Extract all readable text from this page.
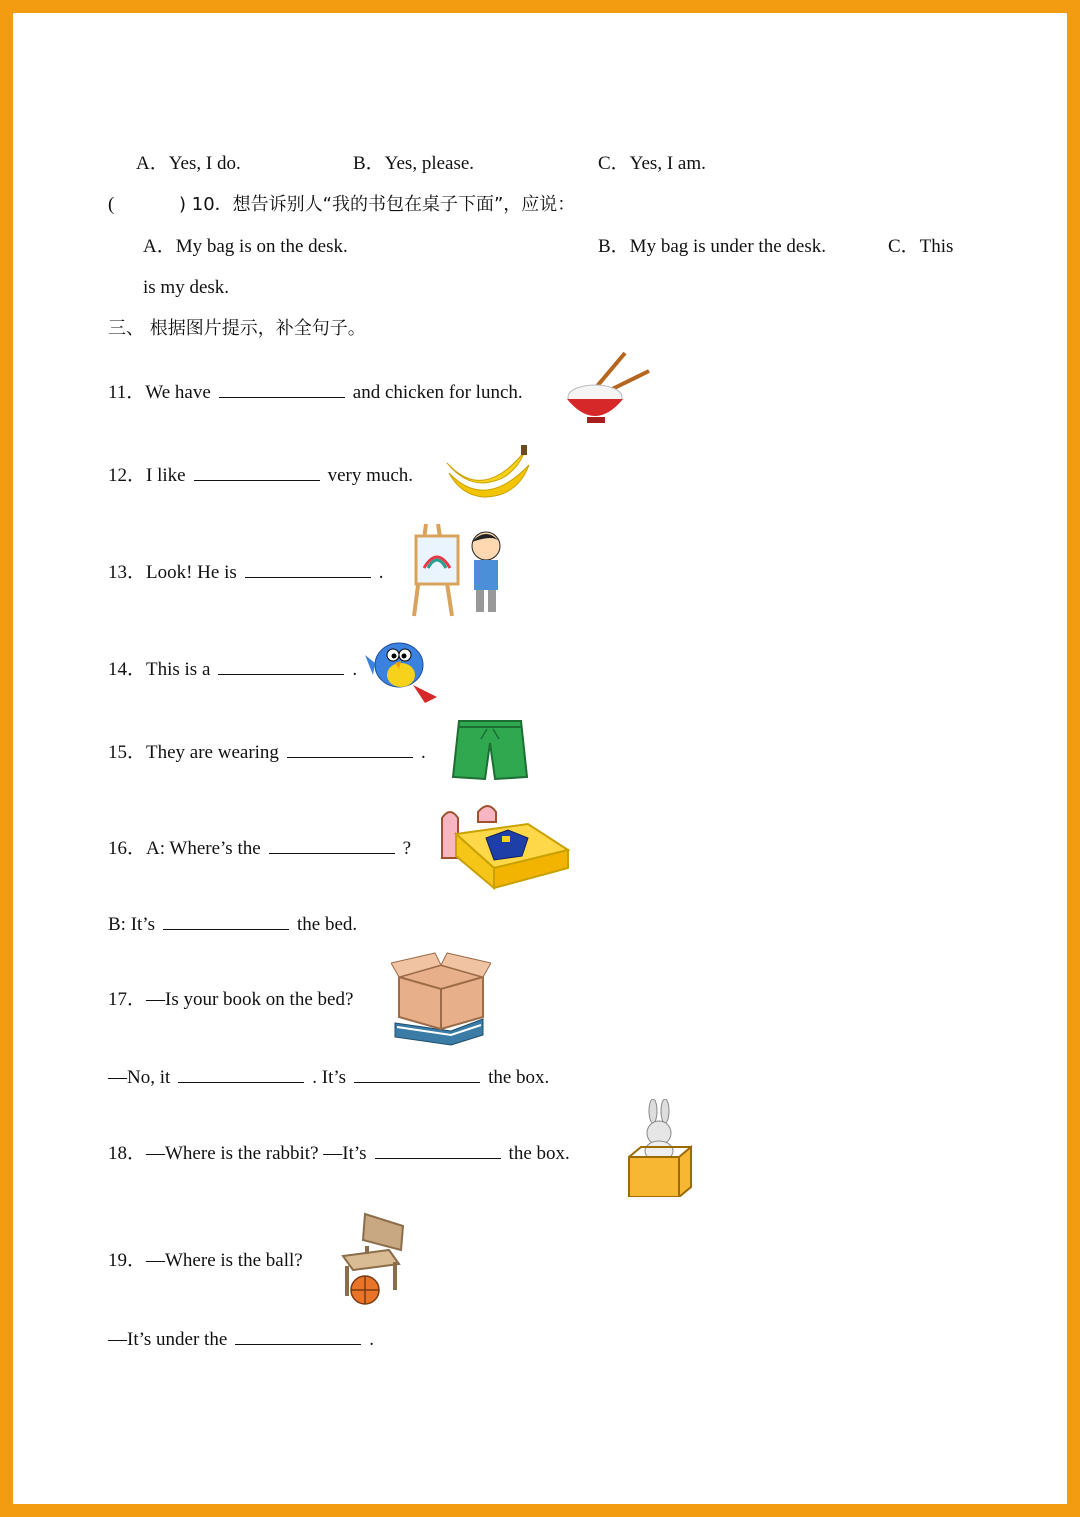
A．Yes, I do.	B．Yes, please.	C．Yes, I am.
(	) 10．想告诉别人“我的书包在桌子下面”，应说：
A．My bag is on the desk.	B．My bag is under the desk.	C．This
is my desk.
三、 根据图片提示，补全句子。
11．We have	and chicken for lunch.
12．I like	very much.
13．Look! He is	.
14．This is a	.
15．They are wearing	.
16．A: Where’s the	?
B: It’s	the bed.
17．—Is your book on the bed?
—No, it	. It’s	the box.
18．—Where is the rabbit? —It’s	the box.
19．—Where is the ball?
—It’s under the	.
